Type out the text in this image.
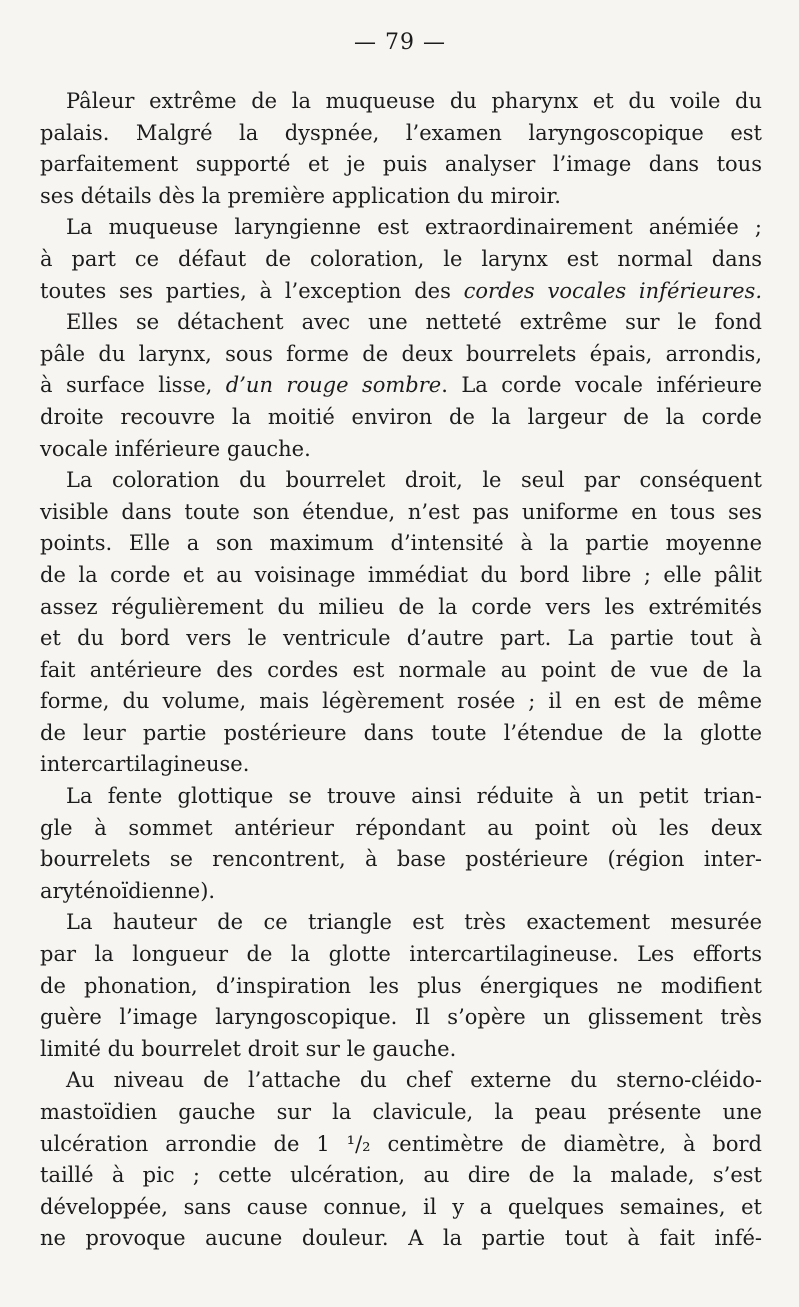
— 79 —

Pâleur extrême de la muqueuse du pharynx et du voile du
palais. Malgré la dyspnée, l’examen laryngoscopique est
parfaitement supporté et je puis analyser l’image dans tous
ses détails dès la première application du miroir.

La muqueuse laryngienne est extraordinairement anémiée ;
à part ce défaut de coloration, le larynx est normal dans
toutes ses parties, à l’exception des cordes vocales inférieures.

Elles se détachent avec une netteté extrême sur le fond
pâle du larynx, sous forme de deux bourrelets épais, arrondis,
à surface lisse, d’un rouge sombre. La corde vocale inférieure
droite recouvre la moitié environ de la largeur de la corde
vocale inférieure gauche.

La coloration du bourrelet droit, le seul par conséquent
visible dans toute son étendue, n’est pas uniforme en tous ses
points. Elle a son maximum d’intensité à la partie moyenne
de la corde et au voisinage immédiat du bord libre ; elle pâlit
assez régulièrement du milieu de la corde vers les extrémités
et du bord vers le ventricule d’autre part. La partie tout à
fait antérieure des cordes est normale au point de vue de la
forme, du volume, mais légèrement rosée ; il en est de même
de leur partie postérieure dans toute l’étendue de la glotte
intercartilagineuse.

La fente glottique se trouve ainsi réduite à un petit trian-
gle à sommet antérieur répondant au point où les deux
bourrelets se rencontrent, à base postérieure (région inter-
aryténoïdienne).

La hauteur de ce triangle est très exactement mesurée
par la longueur de la glotte intercartilagineuse. Les efforts
de phonation, d’inspiration les plus énergiques ne modifient
guère l’image laryngoscopique. Il s’opère un glissement très
limité du bourrelet droit sur le gauche.

Au niveau de l’attache du chef externe du sterno-cléido-
mastoïdien gauche sur la clavicule, la peau présente une
ulcération arrondie de 1 ¹/₂ centimètre de diamètre, à bord
taillé à pic ; cette ulcération, au dire de la malade, s’est
développée, sans cause connue, il y a quelques semaines, et
ne provoque aucune douleur. A la partie tout à fait infé-
